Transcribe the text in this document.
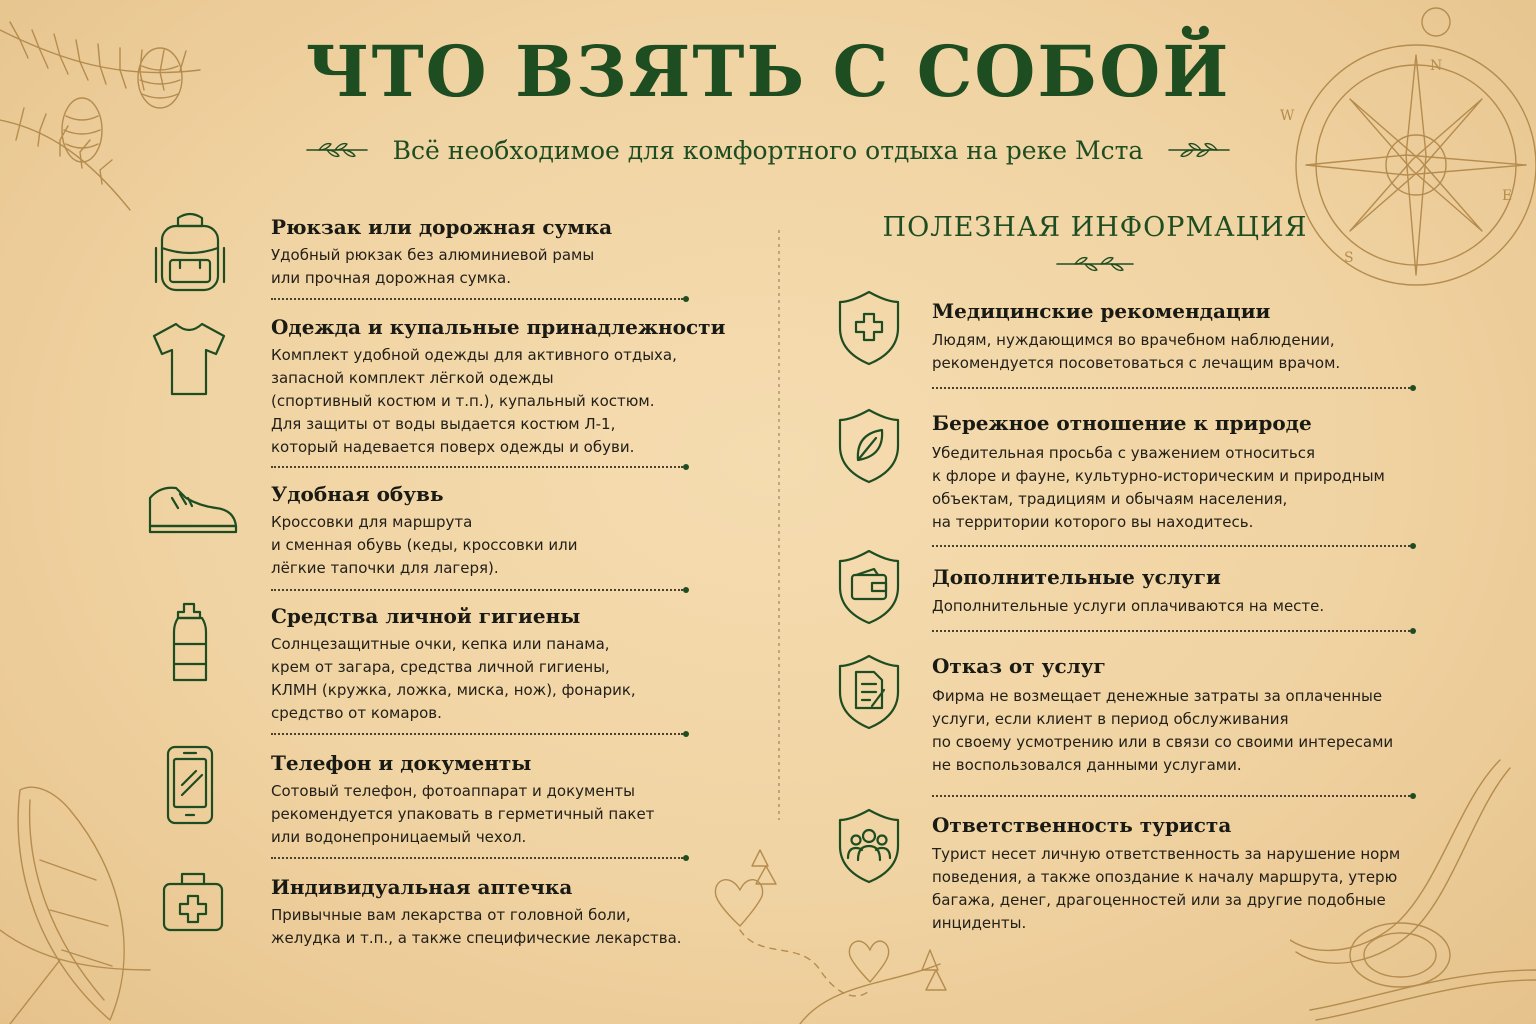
N
E
S
W
ЧТО ВЗЯТЬ С СОБОЙ
Всё необходимое для комфортного отдыха на реке Мста
Рюкзак или дорожная сумка
Удобный рюкзак без алюминиевой рамы
или прочная дорожная сумка.
Одежда и купальные принадлежности
Комплект удобной одежды для активного отдыха,
запасной комплект лёгкой одежды
(спортивный костюм и т.п.), купальный костюм.
Для защиты от воды выдается костюм Л-1,
который надевается поверх одежды и обуви.
Удобная обувь
Кроссовки для маршрута
и сменная обувь (кеды, кроссовки или
лёгкие тапочки для лагеря).
Средства личной гигиены
Солнцезащитные очки, кепка или панама,
крем от загара, средства личной гигиены,
КЛМН (кружка, ложка, миска, нож), фонарик,
средство от комаров.
Телефон и документы
Сотовый телефон, фотоаппарат и документы
рекомендуется упаковать в герметичный пакет
или водонепроницаемый чехол.
Индивидуальная аптечка
Привычные вам лекарства от головной боли,
желудка и т.п., а также специфические лекарства.
ПОЛЕЗНАЯ ИНФОРМАЦИЯ
Медицинские рекомендации
Людям, нуждающимся во врачебном наблюдении,
рекомендуется посоветоваться с лечащим врачом.
Бережное отношение к природе
Убедительная просьба с уважением относиться
к флоре и фауне, культурно-историческим и природным
объектам, традициям и обычаям населения,
на территории которого вы находитесь.
Дополнительные услуги
Дополнительные услуги оплачиваются на месте.
Отказ от услуг
Фирма не возмещает денежные затраты за оплаченные
услуги, если клиент в период обслуживания
по своему усмотрению или в связи со своими интересами
не воспользовался данными услугами.
Ответственность туриста
Турист несет личную ответственность за нарушение норм
поведения, а также опоздание к началу маршрута, утерю
багажа, денег, драгоценностей или за другие подобные
инциденты.
